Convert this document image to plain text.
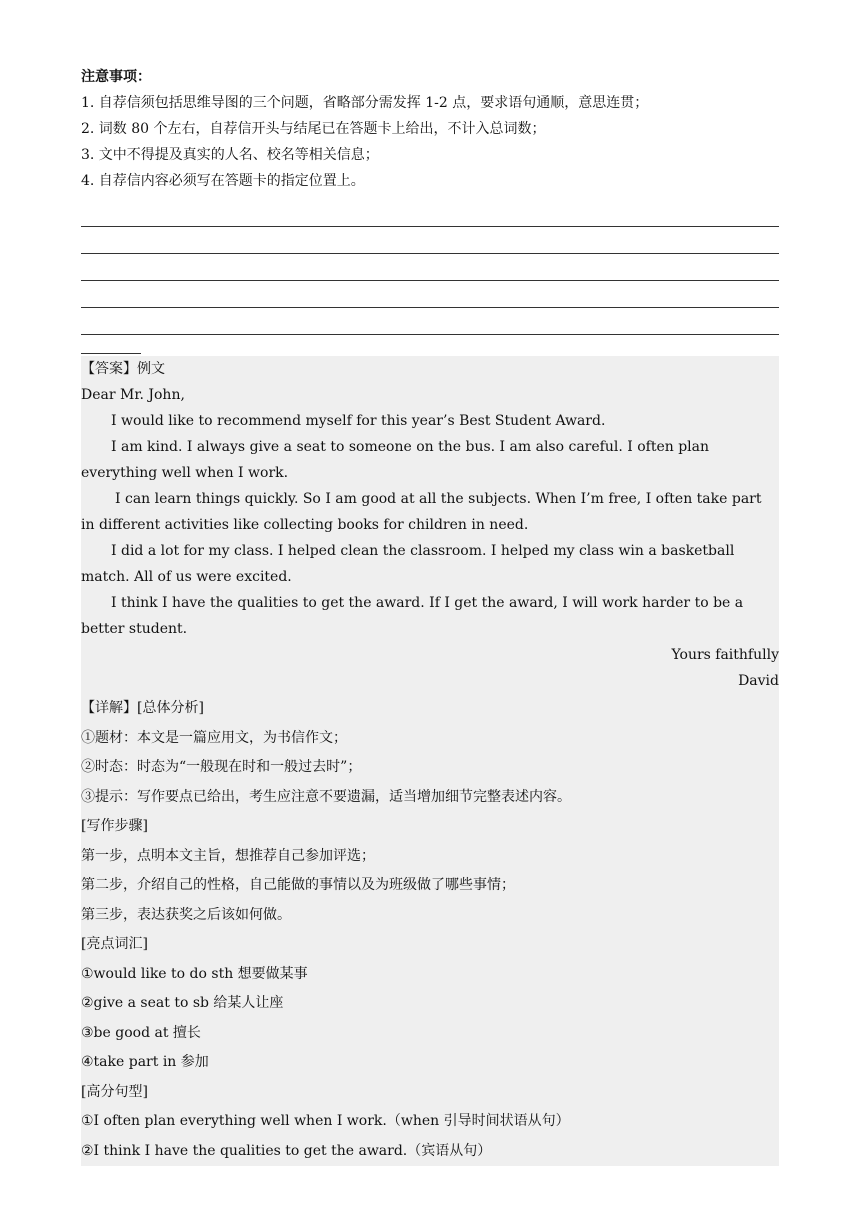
注意事项：
1. 自荐信须包括思维导图的三个问题，省略部分需发挥 1-2 点，要求语句通顺，意思连贯；
2. 词数 80 个左右，自荐信开头与结尾已在答题卡上给出，不计入总词数；
3. 文中不得提及真实的人名、校名等相关信息；
4. 自荐信内容必须写在答题卡的指定位置上。
【答案】例文
Dear Mr. John,
I would like to recommend myself for this year’s Best Student Award.
I am kind. I always give a seat to someone on the bus. I am also careful. I often plan everything well when I work.
I can learn things quickly. So I am good at all the subjects. When I’m free, I often take part in different activities like collecting books for children in need.
I did a lot for my class. I helped clean the classroom. I helped my class win a basketball match. All of us were excited.
I think I have the qualities to get the award. If I get the award, I will work harder to be a better student.
Yours faithfully
David
【详解】[总体分析]
①题材：本文是一篇应用文，为书信作文；
②时态：时态为“一般现在时和一般过去时”；
③提示：写作要点已给出，考生应注意不要遗漏，适当增加细节完整表述内容。
[写作步骤]
第一步，点明本文主旨，想推荐自己参加评选；
第二步，介绍自己的性格，自己能做的事情以及为班级做了哪些事情；
第三步，表达获奖之后该如何做。
[亮点词汇]
①would like to do sth 想要做某事
②give a seat to sb 给某人让座
③be good at 擅长
④take part in 参加
[高分句型]
①I often plan everything well when I work.（when 引导时间状语从句）
②I think I have the qualities to get the award.（宾语从句）
